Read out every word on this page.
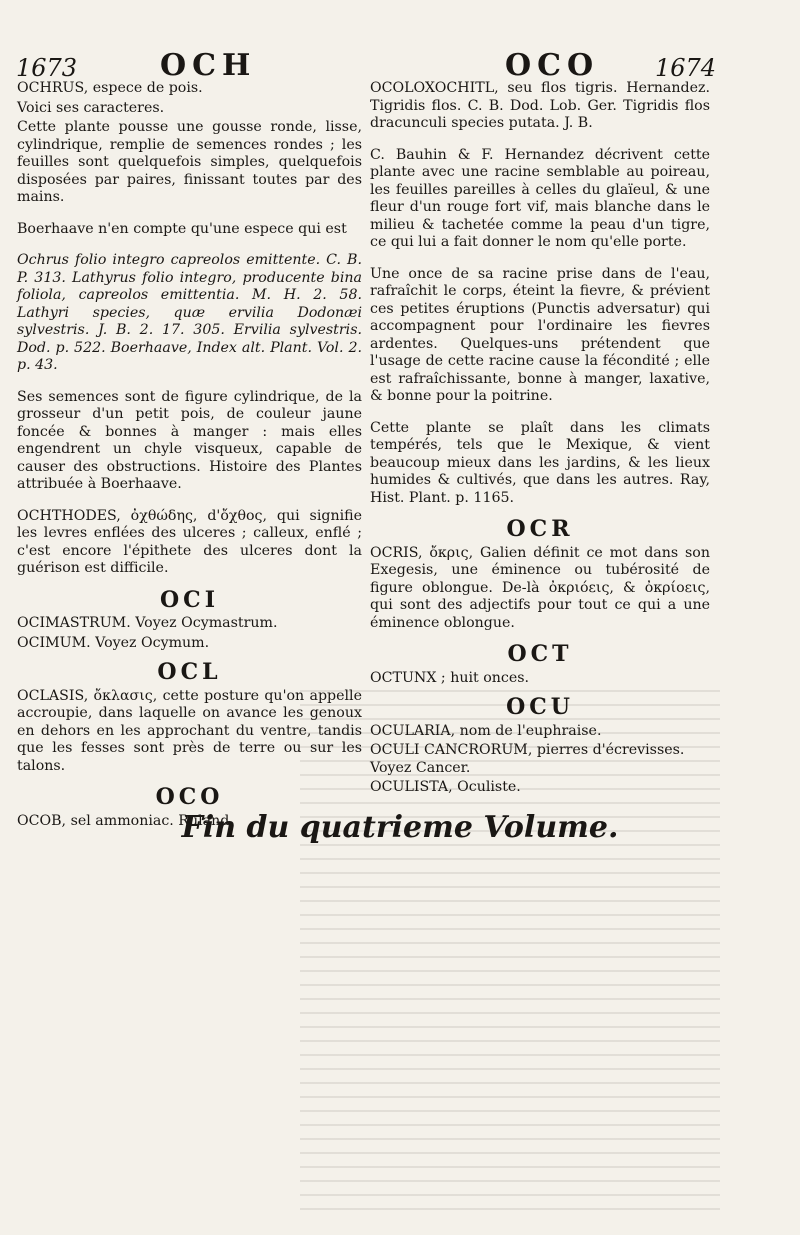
1673	OCH	OCO 1674

OCHRUS, espece de pois.

Voici ses caracteres.

Cette plante pousse une gousse ronde, lisse, cylindrique, remplie de semences rondes ; les feuilles sont quelquefois simples, quelquefois disposées par paires, finissant toutes par des mains.

Boerhaave n'en compte qu'une espece qui est

Ochrus folio integro capreolos emittente. C. B. P. 313. Lathyrus folio integro, producente bina foliola, capreolos emittentia. M. H. 2. 58. Lathyri species, quæ ervilia Dodonæi sylvestris. J. B. 2. 17. 305. Ervilia sylvestris. Dod. p. 522. Boerhaave, Index alt. Plant. Vol. 2. p. 43.

Ses semences sont de figure cylindrique, de la grosseur d'un petit pois, de couleur jaune foncée & bonnes à manger : mais elles engendrent un chyle visqueux, capable de causer des obstructions. Histoire des Plantes attribuée à Boerhaave.

OCHTHODES, ὀχθώδης, d'ὄχθος, qui signifie les levres enflées des ulceres ; calleux, enflé ; c'est encore l'épithete des ulceres dont la guérison est difficile.

OCI

OCIMASTRUM. Voyez Ocymastrum.

OCIMUM. Voyez Ocymum.

OCL

OCLASIS, ὄκλασις, cette posture qu'on appelle accroupie, dans laquelle on avance les genoux en dehors en les approchant du ventre, tandis que les fesses sont près de terre ou sur les talons.

OCO

OCOB, sel ammoniac. Ruland.

OCOLOXOCHITL, seu flos tigris. Hernandez. Tigridis flos. C. B. Dod. Lob. Ger. Tigridis flos dracunculi species putata. J. B.

C. Bauhin & F. Hernandez décrivent cette plante avec une racine semblable au poireau, les feuilles pareilles à celles du glaïeul, & une fleur d'un rouge fort vif, mais blanche dans le milieu & tachetée comme la peau d'un tigre, ce qui lui a fait donner le nom qu'elle porte.

Une once de sa racine prise dans de l'eau, rafraîchit le corps, éteint la fievre, & prévient ces petites éruptions (Punctis adversatur) qui accompagnent pour l'ordinaire les fievres ardentes. Quelques-uns prétendent que l'usage de cette racine cause la fécondité ; elle est rafraîchissante, bonne à manger, laxative, & bonne pour la poitrine.

Cette plante se plaît dans les climats tempérés, tels que le Mexique, & vient beaucoup mieux dans les jardins, & les lieux humides & cultivés, que dans les autres. Ray, Hist. Plant. p. 1165.

OCR

OCRIS, ὄκρις, Galien définit ce mot dans son Exegesis, une éminence ou tubérosité de figure oblongue. De-là ὀκριόεις, & ὀκρίοεις, qui sont des adjectifs pour tout ce qui a une éminence oblongue.

OCT

OCTUNX ; huit onces.

OCU

OCULARIA, nom de l'euphraise.

OCULI CANCRORUM, pierres d'écrevisses. Voyez Cancer.

OCULISTA, Oculiste.

Fin du quatrieme Volume.
